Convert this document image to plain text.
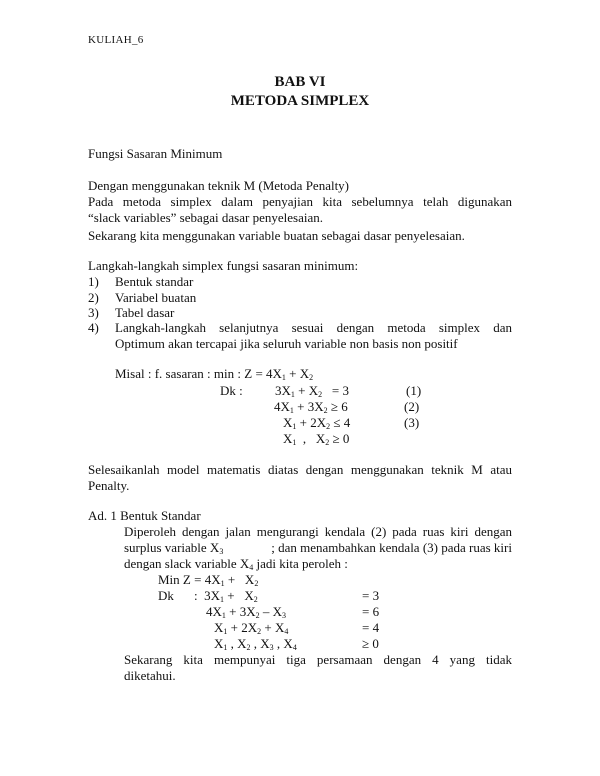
KULIAH_6
BAB VI
METODA SIMPLEX
Fungsi Sasaran Minimum
Dengan menggunakan teknik M (Metoda Penalty)
Pada metoda simplex dalam penyajian kita sebelumnya telah digunakan
“slack variables” sebagai dasar penyelesaian.
Sekarang kita menggunakan variable buatan sebagai dasar penyelesaian.
Langkah-langkah simplex fungsi sasaran minimum:
1) Bentuk standar
2) Variabel buatan
3) Tabel dasar
4) Langkah-langkah selanjutnya sesuai dengan metoda simplex dan
Optimum akan tercapai jika seluruh variable non basis non positif
Misal : f. sasaran : min : $Z = 4X_1 + X_2$
Dk : $3X_1 + X_2 = 3$
$4X_1 + 3X_2 \ge 6$
$X_1 + 2X_2 \le 4$
$X_1$  ,   $X_2 \ge 0$
(1)
(2)
(3)
Selesaikanlah model matematis diatas dengan menggunakan teknik M atau
Penalty.
Ad. 1 Bentuk Standar
Diperoleh dengan jalan mengurangi kendala (2) pada ruas kiri dengan
surplus variable $X_3$	; dan menambahkan kendala (3) pada ruas kiri
dengan slack variable $X_4$ jadi kita peroleh :
Min $Z = 4X_1 + X_2$
Dk :  $3X_1 + X_2$
$4X_1 + 3X_2 - X_3$
$X_1 + 2X_2 + X_4$
$X_1$ , $X_2$ , $X_3$ , $X_4$
= 3
= 6
= 4
≥ 0
Sekarang kita mempunyai tiga persamaan dengan 4 yang tidak
diketahui.
